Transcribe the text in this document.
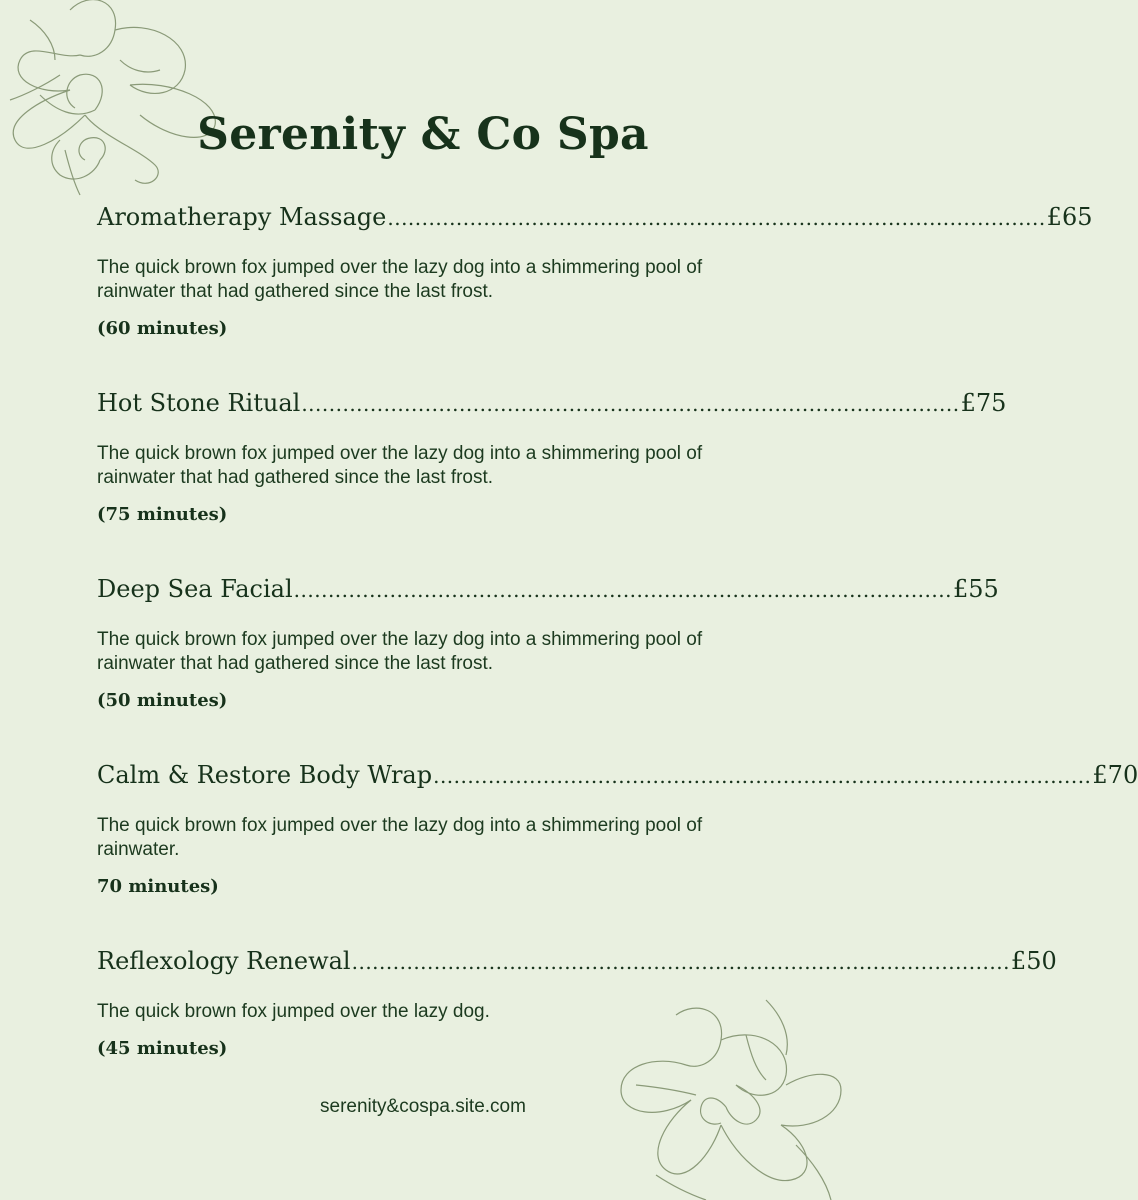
Serenity & Co Spa
Aromatherapy Massage ................................................................................................ £65
The quick brown fox jumped over the lazy dog into a shimmering pool of rainwater that had gathered since the last frost.
(60 minutes)
Hot Stone Ritual ................................................................................................ £75
The quick brown fox jumped over the lazy dog into a shimmering pool of rainwater that had gathered since the last frost.
(75 minutes)
Deep Sea Facial ................................................................................................ £55
The quick brown fox jumped over the lazy dog into a shimmering pool of rainwater that had gathered since the last frost.
(50 minutes)
Calm & Restore Body Wrap ................................................................................................ £70
The quick brown fox jumped over the lazy dog into a shimmering pool of rainwater.
70 minutes)
Reflexology Renewal ................................................................................................ £50
The quick brown fox jumped over the lazy dog.
(45 minutes)
serenity&cospa.site.com
